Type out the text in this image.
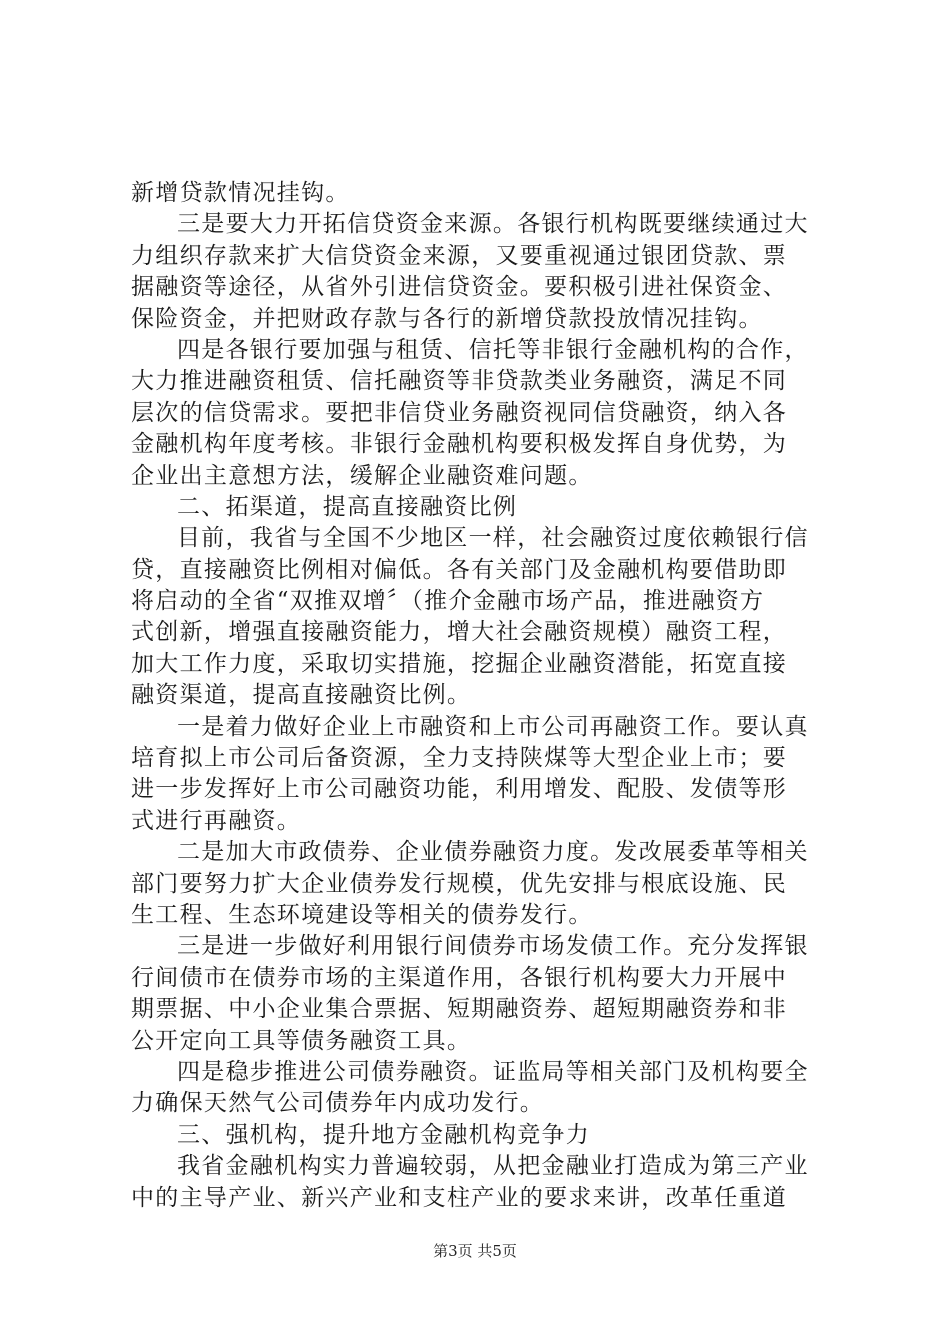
新增贷款情况挂钩。
三是要大力开拓信贷资金来源。各银行机构既要继续通过大
力组织存款来扩大信贷资金来源，又要重视通过银团贷款、票
据融资等途径，从省外引进信贷资金。要积极引进社保资金、
保险资金，并把财政存款与各行的新增贷款投放情况挂钩。
四是各银行要加强与租赁、信托等非银行金融机构的合作，
大力推进融资租赁、信托融资等非贷款类业务融资，满足不同
层次的信贷需求。要把非信贷业务融资视同信贷融资，纳入各
金融机构年度考核。非银行金融机构要积极发挥自身优势，为
企业出主意想方法，缓解企业融资难问题。
二、拓渠道，提高直接融资比例
目前，我省与全国不少地区一样，社会融资过度依赖银行信
贷，直接融资比例相对偏低。各有关部门及金融机构要借助即
将启动的全省“双推双增〞（推介金融市场产品，推进融资方
式创新，增强直接融资能力，增大社会融资规模）融资工程，
加大工作力度，采取切实措施，挖掘企业融资潜能，拓宽直接
融资渠道，提高直接融资比例。
一是着力做好企业上市融资和上市公司再融资工作。要认真
培育拟上市公司后备资源，全力支持陕煤等大型企业上市；要
进一步发挥好上市公司融资功能，利用增发、配股、发债等形
式进行再融资。
二是加大市政债券、企业债券融资力度。发改展委革等相关
部门要努力扩大企业债券发行规模，优先安排与根底设施、民
生工程、生态环境建设等相关的债券发行。
三是进一步做好利用银行间债券市场发债工作。充分发挥银
行间债市在债券市场的主渠道作用，各银行机构要大力开展中
期票据、中小企业集合票据、短期融资券、超短期融资券和非
公开定向工具等债务融资工具。
四是稳步推进公司债券融资。证监局等相关部门及机构要全
力确保天然气公司债券年内成功发行。
三、强机构，提升地方金融机构竞争力
我省金融机构实力普遍较弱，从把金融业打造成为第三产业
中的主导产业、新兴产业和支柱产业的要求来讲，改革任重道
第3页 共5页
